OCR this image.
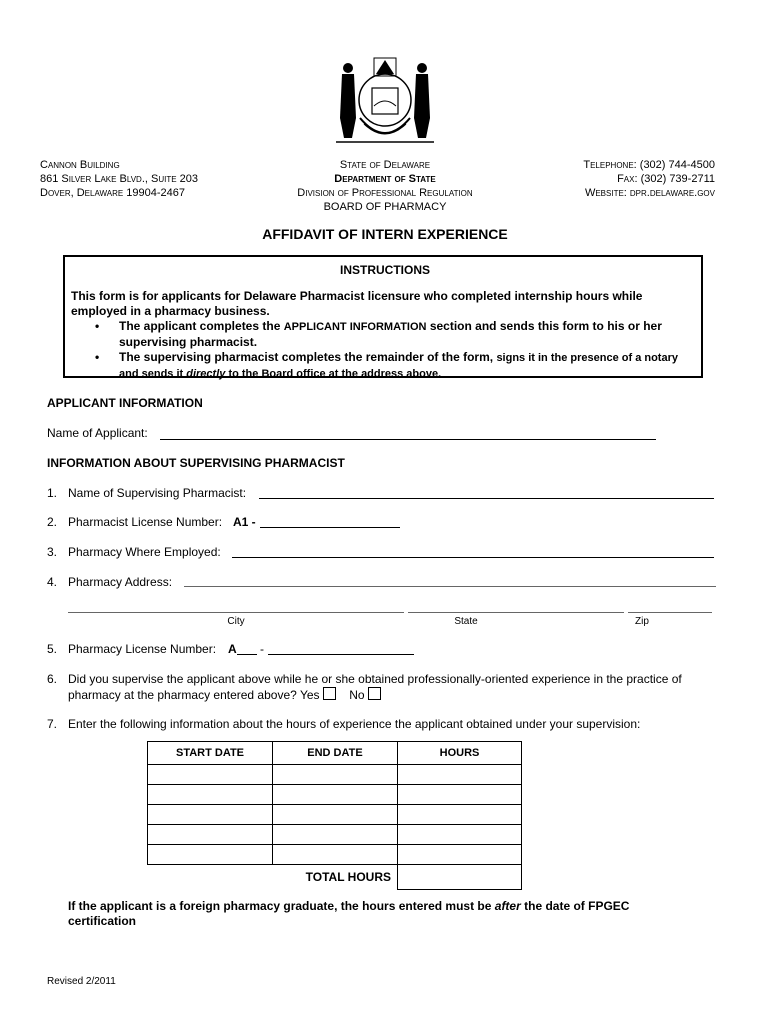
Cannon Building
861 Silver Lake Blvd., Suite 203
Dover, Delaware 19904-2467
State of Delaware
Department of State
Division of Professional Regulation
BOARD OF PHARMACY
Telephone: (302) 744-4500
Fax: (302) 739-2711
Website: dpr.delaware.gov
AFFIDAVIT OF INTERN EXPERIENCE
INSTRUCTIONS
This form is for applicants for Delaware Pharmacist licensure who completed internship hours while employed in a pharmacy business.
• The applicant completes the APPLICANT INFORMATION section and sends this form to his or her supervising pharmacist.
• The supervising pharmacist completes the remainder of the form, signs it in the presence of a notary and sends it directly to the Board office at the address above.
APPLICANT INFORMATION
Name of Applicant:
INFORMATION ABOUT SUPERVISING PHARMACIST
1. Name of Supervising Pharmacist:
2. Pharmacist License Number: A1 -
3. Pharmacy Where Employed:
4. Pharmacy Address:
City	State	Zip
5. Pharmacy License Number: A -
6. Did you supervise the applicant above while he or she obtained professionally-oriented experience in the practice of
pharmacy at the pharmacy entered above? Yes No
7. Enter the following information about the hours of experience the applicant obtained under your supervision:
START DATE	END DATE	HOURS

TOTAL HOURS		
If the applicant is a foreign pharmacy graduate, the hours entered must be after the date of FPGEC certification
Revised 2/2011
